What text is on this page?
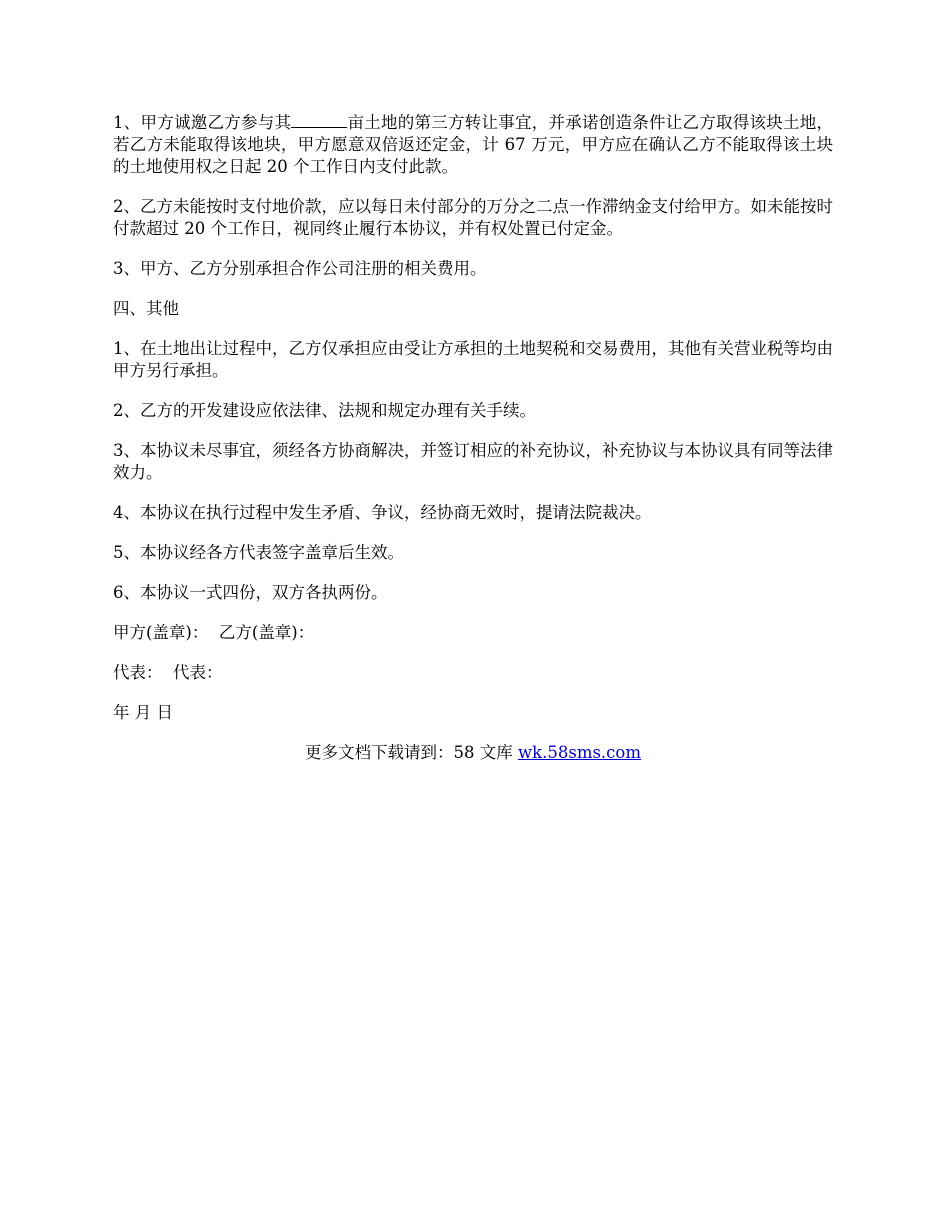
1、甲方诚邀乙方参与其	亩土地的第三方转让事宜，并承诺创造条件让乙方取得该块土地，若乙方未能取得该地块，甲方愿意双倍返还定金，计 67 万元，甲方应在确认乙方不能取得该土块的土地使用权之日起 20 个工作日内支付此款。

2、乙方未能按时支付地价款，应以每日未付部分的万分之二点一作滞纳金支付给甲方。如未能按时付款超过 20 个工作日，视同终止履行本协议，并有权处置已付定金。

3、甲方、乙方分别承担合作公司注册的相关费用。

四、其他

1、在土地出让过程中，乙方仅承担应由受让方承担的土地契税和交易费用，其他有关营业税等均由甲方另行承担。

2、乙方的开发建设应依法律、法规和规定办理有关手续。

3、本协议未尽事宜，须经各方协商解决，并签订相应的补充协议，补充协议与本协议具有同等法律效力。

4、本协议在执行过程中发生矛盾、争议，经协商无效时，提请法院裁决。

5、本协议经各方代表签字盖章后生效。

6、本协议一式四份，双方各执两份。

甲方(盖章)：  乙方(盖章)：

代表：  代表：

年 月 日

更多文档下载请到：58 文库 wk.58sms.com
